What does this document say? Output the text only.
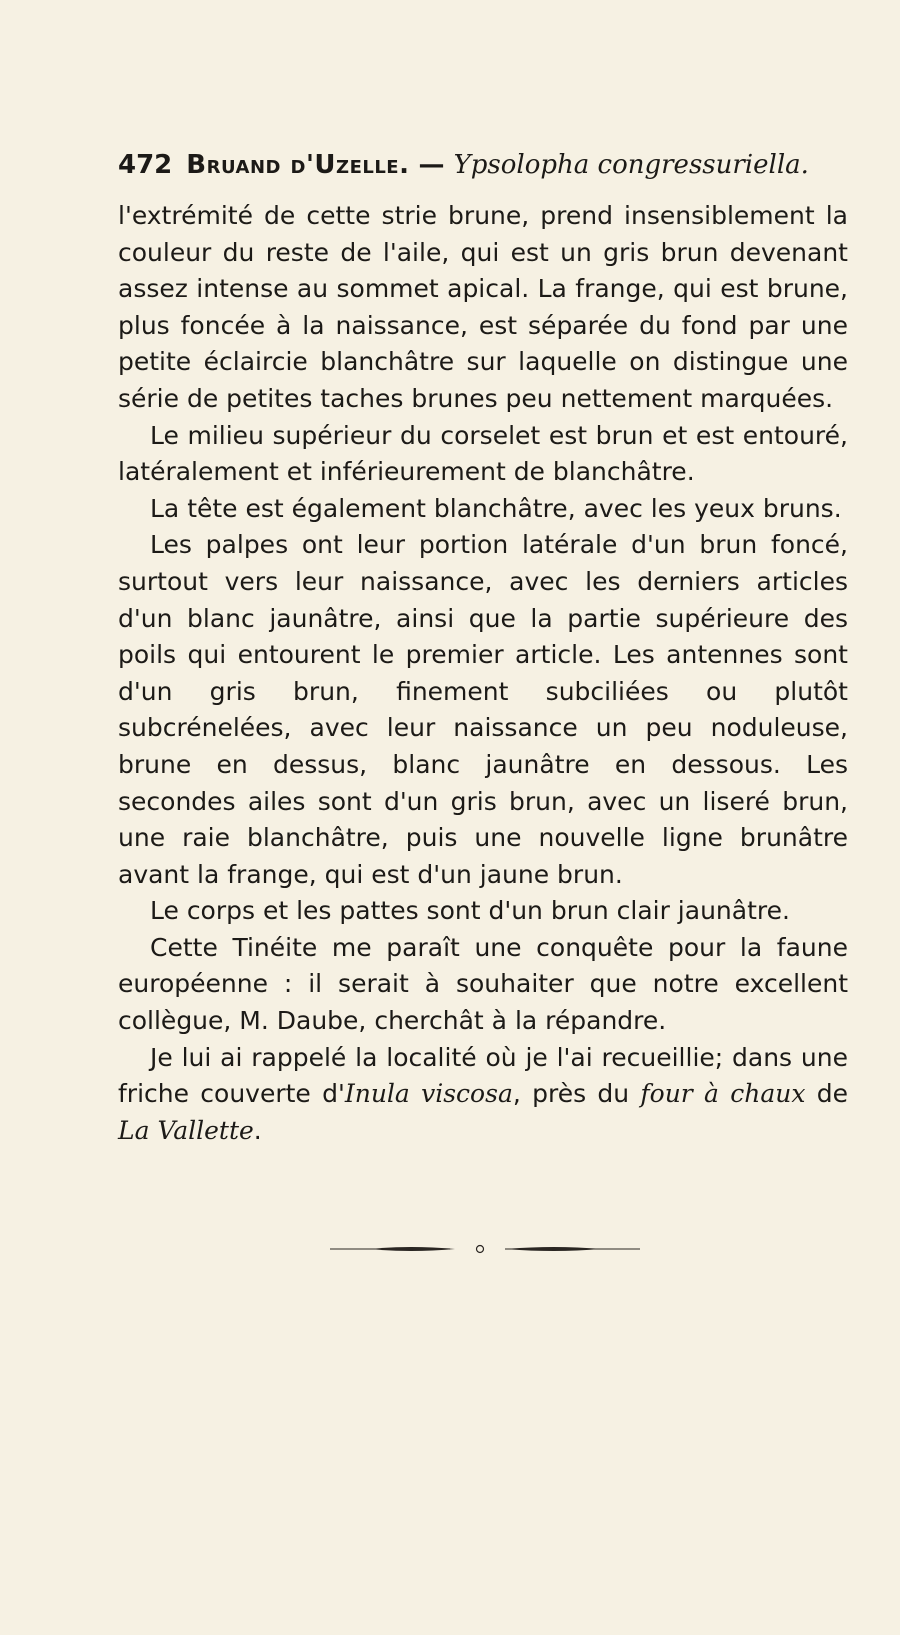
472 Bruand d'Uzelle. — Ypsolopha congressuriella.

l'extrémité de cette strie brune, prend insensiblement la couleur du reste de l'aile, qui est un gris brun devenant assez intense au sommet apical. La frange, qui est brune, plus foncée à la naissance, est séparée du fond par une petite éclaircie blanchâtre sur laquelle on distingue une série de petites taches brunes peu nettement marquées.

Le milieu supérieur du corselet est brun et est entouré, latéralement et inférieurement de blanchâtre.

La tête est également blanchâtre, avec les yeux bruns.

Les palpes ont leur portion latérale d'un brun foncé, surtout vers leur naissance, avec les derniers articles d'un blanc jaunâtre, ainsi que la partie supérieure des poils qui entourent le premier article. Les antennes sont d'un gris brun, finement subciliées ou plutôt subcrénelées, avec leur naissance un peu noduleuse, brune en dessus, blanc jaunâtre en dessous. Les secondes ailes sont d'un gris brun, avec un liseré brun, une raie blanchâtre, puis une nouvelle ligne brunâtre avant la frange, qui est d'un jaune brun.

Le corps et les pattes sont d'un brun clair jaunâtre.

Cette Tinéite me paraît une conquête pour la faune européenne : il serait à souhaiter que notre excellent collègue, M. Daube, cherchât à la répandre.

Je lui ai rappelé la localité où je l'ai recueillie; dans une friche couverte d'Inula viscosa, près du four à chaux de La Vallette.
